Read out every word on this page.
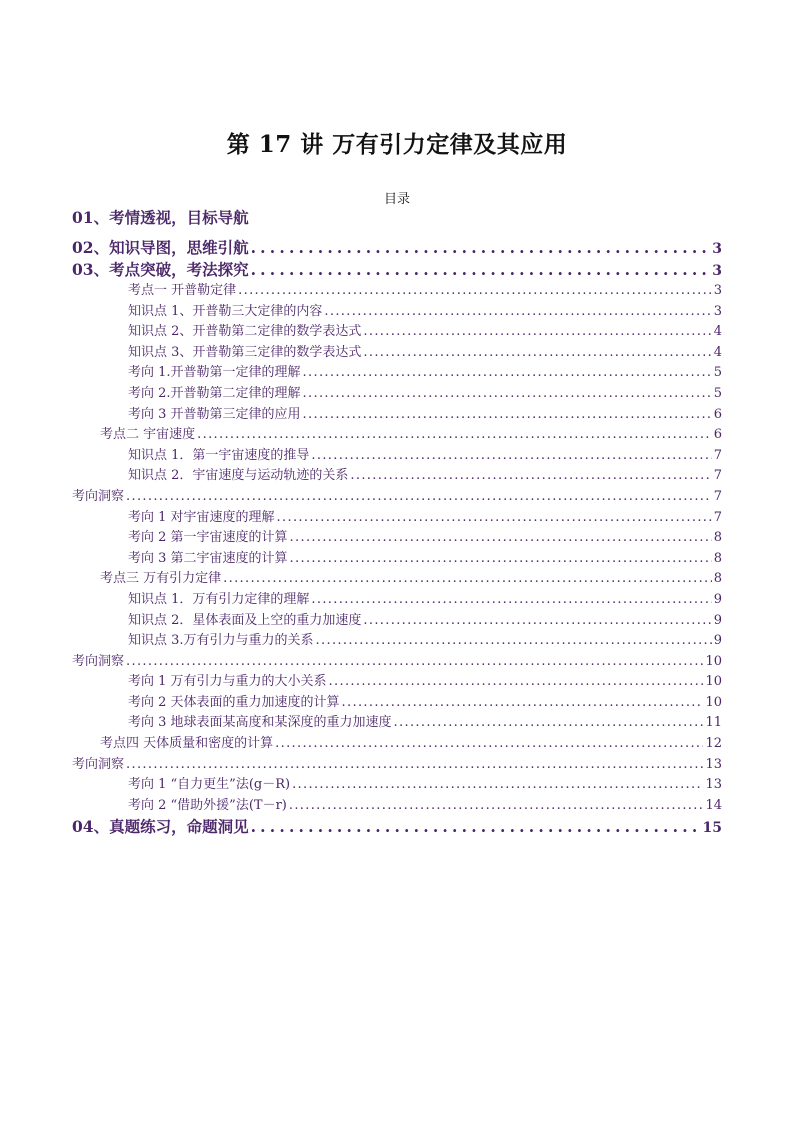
第 17 讲 万有引力定律及其应用
目录
01、考情透视，目标导航
02、知识导图，思维引航 . . .	3
03、考点突破，考法探究 . . .	3
考点一 开普勒定律 . . .	3
知识点 1、开普勒三大定律的内容 . . .	3
知识点 2、开普勒第二定律的数学表达式 . . .	4
知识点 3、开普勒第三定律的数学表达式 . . .	4
考向 1.开普勒第一定律的理解 . . .	5
考向 2.开普勒第二定律的理解 . . .	5
考向 3 开普勒第三定律的应用 . . .	6
考点二 宇宙速度 . . .	6
知识点 1．第一宇宙速度的推导 . . .	7
知识点 2．宇宙速度与运动轨迹的关系 . . .	7
考向洞察 . . .	7
考向 1 对宇宙速度的理解 . . .	7
考向 2 第一宇宙速度的计算 . . .	8
考向 3 第二宇宙速度的计算 . . .	8
考点三 万有引力定律 . . .	8
知识点 1．万有引力定律的理解 . . .	9
知识点 2．星体表面及上空的重力加速度 . . .	9
知识点 3.万有引力与重力的关系 . . .	9
考向洞察 . . .	10
考向 1 万有引力与重力的大小关系 . . .	10
考向 2 天体表面的重力加速度的计算 . . .	10
考向 3 地球表面某高度和某深度的重力加速度 . . .	11
考点四 天体质量和密度的计算 . . .	12
考向洞察 . . .	13
考向 1 “自力更生”法(g－R) . . .	13
考向 2 “借助外援”法(T－r) . . .	14
04、真题练习，命题洞见 . . .	15
